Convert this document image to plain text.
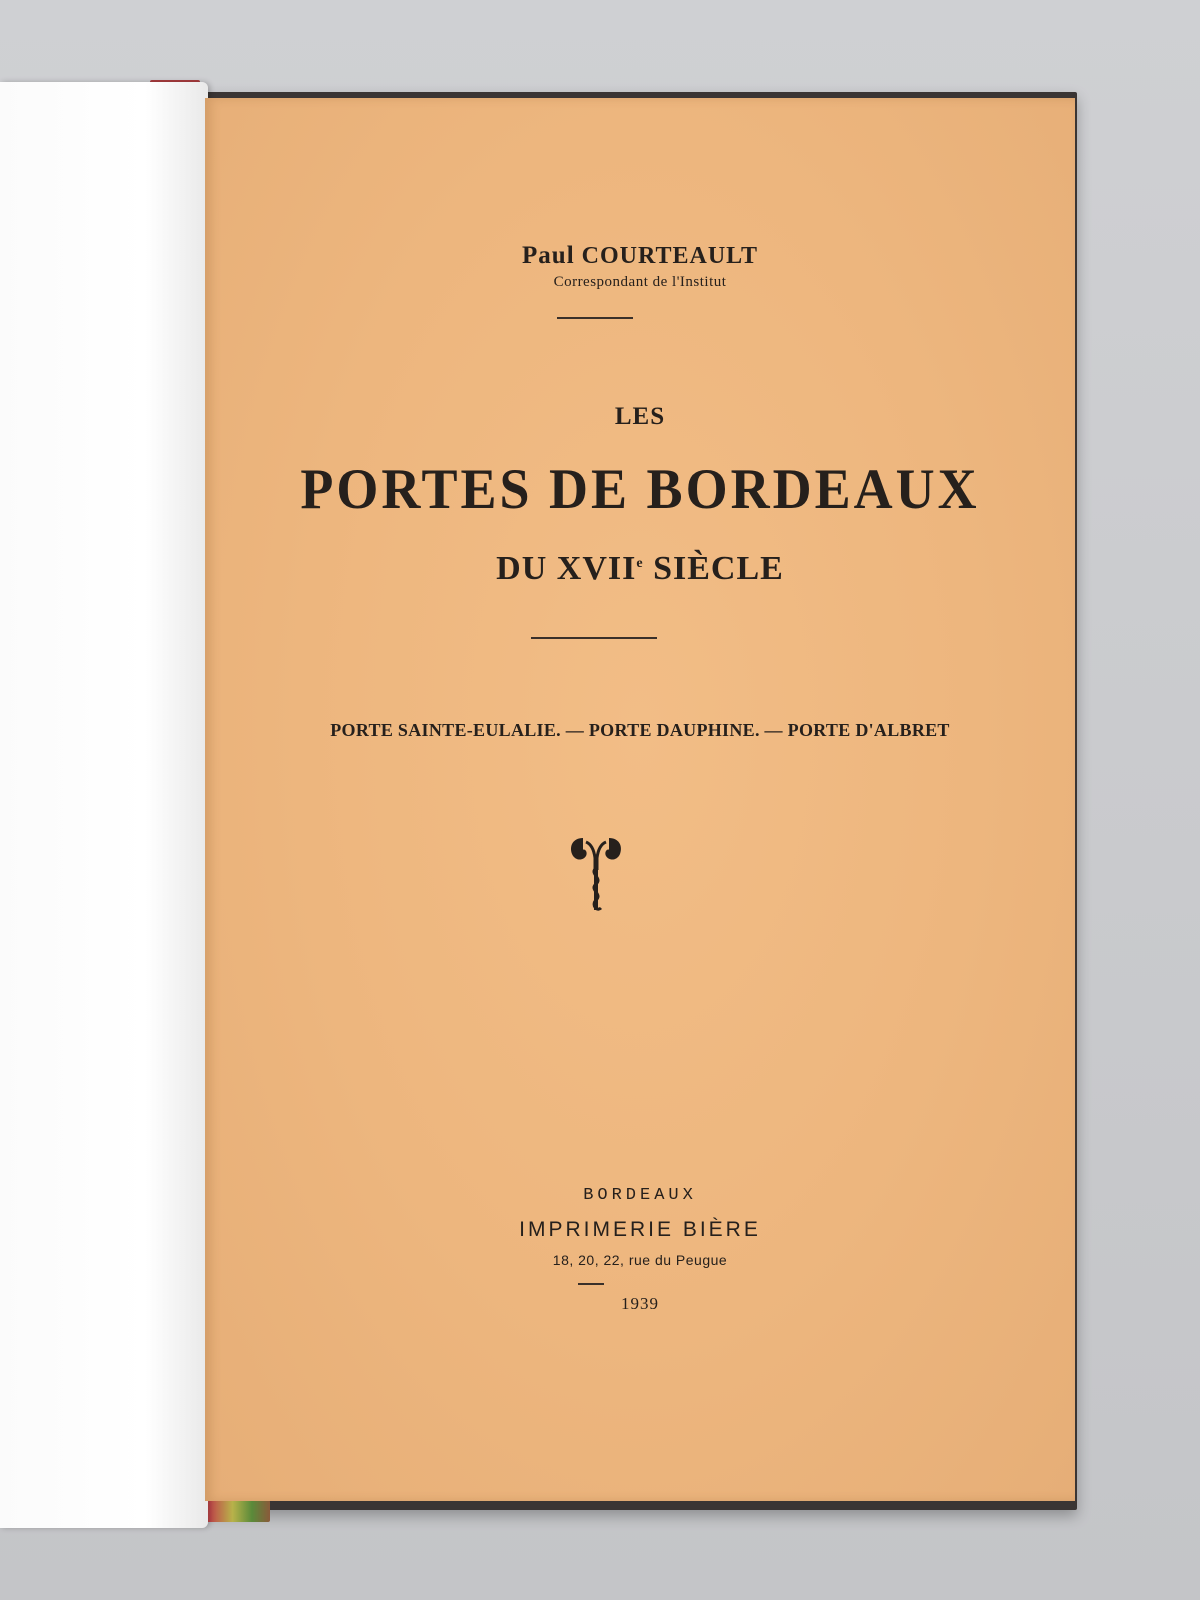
Paul COURTEAULT
Correspondant de l'Institut
LES
PORTES DE BORDEAUX
DU XVIIe SIÈCLE
PORTE SAINTE-EULALIE. — PORTE DAUPHINE. — PORTE D'ALBRET
BORDEAUX
IMPRIMERIE BIÈRE
18, 20, 22, rue du Peugue
1939
